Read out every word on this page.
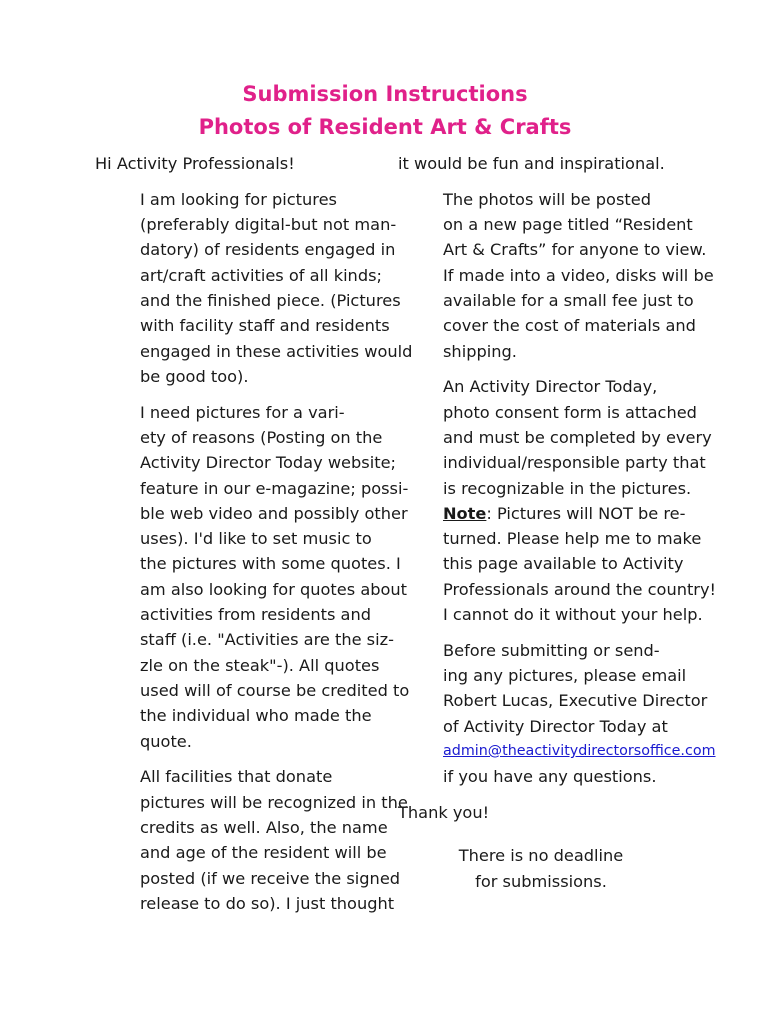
Submission Instructions
Photos of Resident Art & Crafts
Hi Activity Professionals!
I am looking for pictures
(preferably digital-but not man-
datory) of residents engaged in
art/craft activities of all kinds;
and the finished piece. (Pictures
with facility staff and residents
engaged in these activities would
be good too).
I need pictures for a vari-
ety of reasons (Posting on the
Activity Director Today website;
feature in our e-magazine; possi-
ble web video and possibly other
uses). I'd like to set music to
the pictures with some quotes. I
am also looking for quotes about
activities from residents and
staff (i.e. "Activities are the siz-
zle on the steak"-). All quotes
used will of course be credited to
the individual who made the
quote.
All facilities that donate
pictures will be recognized in the
credits as well. Also, the name
and age of the resident will be
posted (if we receive the signed
release to do so). I just thought
it would be fun and inspirational.
The photos will be posted
on a new page titled “Resident
Art & Crafts” for anyone to view.
If made into a video, disks will be
available for a small fee just to
cover the cost of materials and
shipping.
An Activity Director Today,
photo consent form is attached
and must be completed by every
individual/responsible party that
is recognizable in the pictures.
Note: Pictures will NOT be re-
turned. Please help me to make
this page available to Activity
Professionals around the country!
I cannot do it without your help.
Before submitting or send-
ing any pictures, please email
Robert Lucas, Executive Director
of Activity Director Today at
admin@theactivitydirectorsoffice.com
if you have any questions.
Thank you!
There is no deadline
for submissions.
